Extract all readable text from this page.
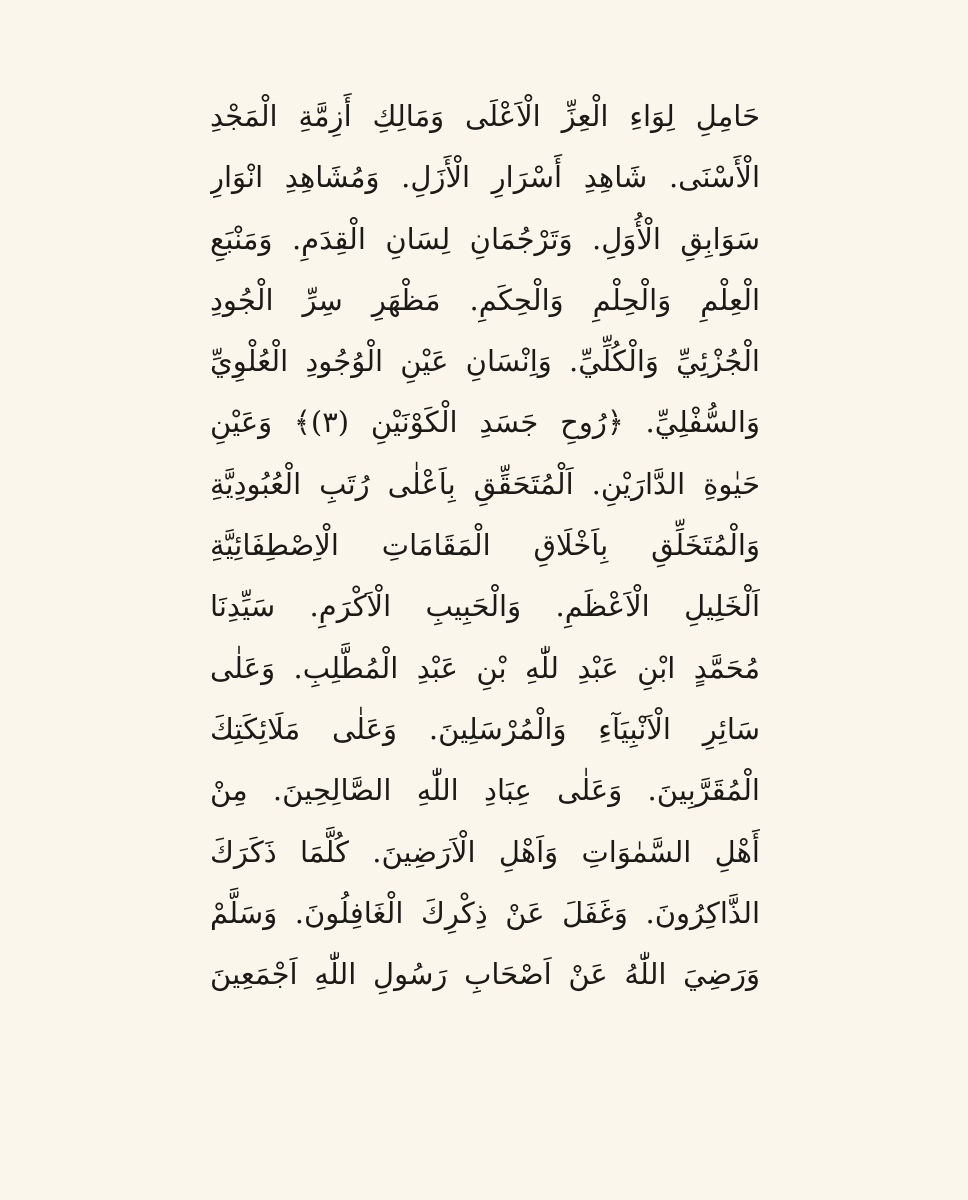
حَامِلِ لِوَاءِ الْعِزِّ الْاَعْلَى وَمَالِكِ أَزِمَّةِ الْمَجْدِ
الْأَسْنَى. شَاهِدِ أَسْرَارِ الْأَزَلِ. وَمُشَاهِدِ انْوَارِ
سَوَابِقِ الْأُوَلِ. وَتَرْجُمَانِ لِسَانِ الْقِدَمِ. وَمَنْبَعِ
الْعِلْمِ وَالْحِلْمِ وَالْحِكَمِ. مَظْهَرِ سِرِّ الْجُودِ
الْجُزْئِيِّ وَالْكُلِّيِّ. وَاِنْسَانِ عَيْنِ الْوُجُودِ الْعُلْوِيِّ
وَالسُّفْلِيِّ. ﴿رُوحِ جَسَدِ الْكَوْنَيْنِ (٣)﴾ وَعَيْنِ
حَيٰوةِ الدَّارَيْنِ. اَلْمُتَحَقِّقِ بِاَعْلٰى رُتَبِ الْعُبُودِيَّةِ
وَالْمُتَخَلِّقِ بِاَخْلَاقِ الْمَقَامَاتِ الْاِصْطِفَائِيَّةِ
اَلْخَلِيلِ الْاَعْظَمِ. وَالْحَبِيبِ الْاَكْرَمِ. سَيِّدِنَا
مُحَمَّدٍ ابْنِ عَبْدِ للّٰهِ بْنِ عَبْدِ الْمُطَّلِبِ. وَعَلٰى
سَائِرِ الْاَنْبِيَآءِ وَالْمُرْسَلِينَ. وَعَلٰى مَلَائِكَتِكَ
الْمُقَرَّبِينَ. وَعَلٰى عِبَادِ اللّٰهِ الصَّالِحِينَ. مِنْ
أَهْلِ السَّمٰوَاتِ وَاَهْلِ الْاَرَضِينَ. كُلَّمَا ذَكَرَكَ
الذَّاكِرُونَ. وَغَفَلَ عَنْ ذِكْرِكَ الْغَافِلُونَ. وَسَلَّمْ
وَرَضِيَ اللّٰهُ عَنْ اَصْحَابِ رَسُولِ اللّٰهِ اَجْمَعِينَ
